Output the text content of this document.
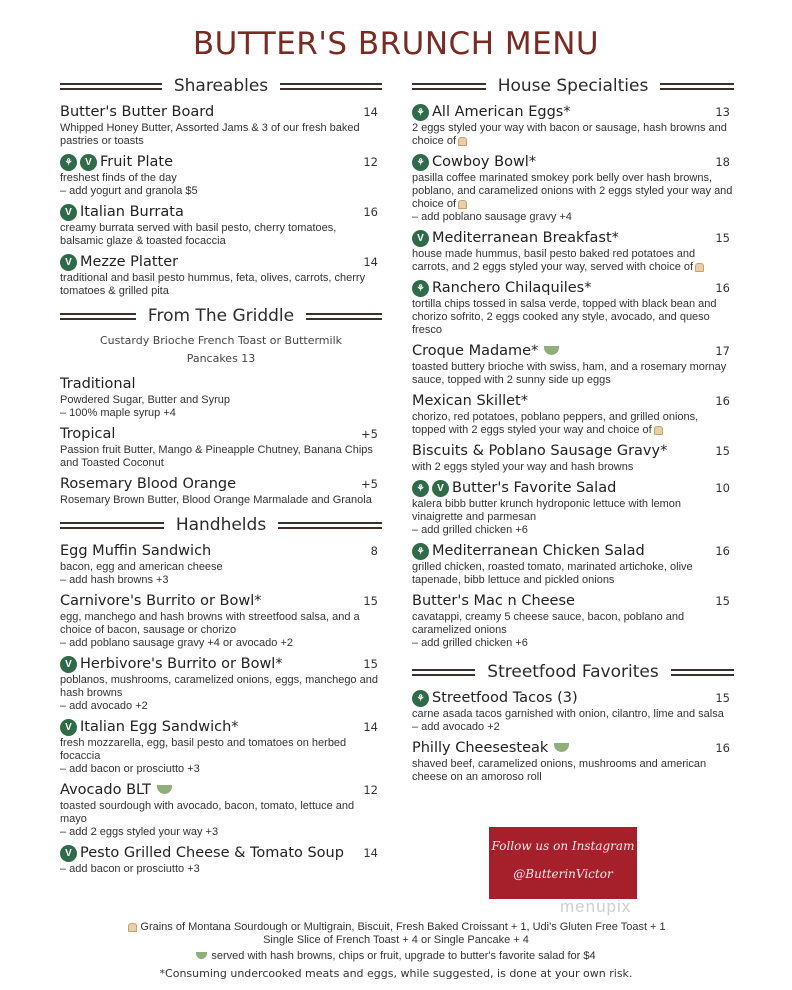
BUTTER'S BRUNCH MENU
Shareables
Butter's Butter Board	14
Whipped Honey Butter, Assorted Jams & 3 of our fresh baked pastries or toasts
⚘	V Fruit Plate	12
freshest finds of the day
– add yogurt and granola $5
V Italian Burrata	16
creamy burrata served with basil pesto, cherry tomatoes, balsamic glaze & toasted focaccia
V Mezze Platter	14
traditional and basil pesto hummus, feta, olives, carrots, cherry tomatoes & grilled pita
From The Griddle
Custardy Brioche French Toast or Buttermilk
Pancakes 13
Traditional
Powdered Sugar, Butter and Syrup
– 100% maple syrup +4
Tropical	+5
Passion fruit Butter, Mango & Pineapple Chutney, Banana Chips and Toasted Coconut
Rosemary Blood Orange	+5
Rosemary Brown Butter, Blood Orange Marmalade and Granola
Handhelds
Egg Muffin Sandwich	8
bacon, egg and american cheese
– add hash browns +3
Carnivore's Burrito or Bowl*	15
egg, manchego and hash browns with streetfood salsa, and a choice of bacon, sausage or chorizo
– add poblano sausage gravy +4 or avocado +2
V Herbivore's Burrito or Bowl*	15
poblanos, mushrooms, caramelized onions, eggs, manchego and hash browns
– add avocado +2
V Italian Egg Sandwich*	14
fresh mozzarella, egg, basil pesto and tomatoes on herbed focaccia
– add bacon or prosciutto +3
Avocado BLT	12
toasted sourdough with avocado, bacon, tomato, lettuce and mayo
– add 2 eggs styled your way +3
V Pesto Grilled Cheese & Tomato Soup	14
– add bacon or prosciutto +3
House Specialties
⚘ All American Eggs*	13
2 eggs styled your way with bacon or sausage, hash browns and choice of
⚘ Cowboy Bowl*	18
pasilla coffee marinated smokey pork belly over hash browns, poblano, and caramelized onions with 2 eggs styled your way and choice of
– add poblano sausage gravy +4
V Mediterranean Breakfast*	15
house made hummus, basil pesto baked red potatoes and carrots, and 2 eggs styled your way, served with choice of
⚘ Ranchero Chilaquiles*	16
tortilla chips tossed in salsa verde, topped with black bean and chorizo sofrito, 2 eggs cooked any style, avocado, and queso fresco
Croque Madame*	17
toasted buttery brioche with swiss, ham, and a rosemary mornay sauce, topped with 2 sunny side up eggs
Mexican Skillet*	16
chorizo, red potatoes, poblano peppers, and grilled onions, topped with 2 eggs styled your way and choice of
Biscuits & Poblano Sausage Gravy*	15
with 2 eggs styled your way and hash browns
⚘	V Butter's Favorite Salad	10
kalera bibb butter krunch hydroponic lettuce with lemon vinaigrette and parmesan
– add grilled chicken +6
⚘ Mediterranean Chicken Salad	16
grilled chicken, roasted tomato, marinated artichoke, olive tapenade, bibb lettuce and pickled onions
Butter's Mac n Cheese	15
cavatappi, creamy 5 cheese sauce, bacon, poblano and caramelized onions
– add grilled chicken +6
Streetfood Favorites
⚘ Streetfood Tacos (3)	15
carne asada tacos garnished with onion, cilantro, lime and salsa
– add avocado +2
Philly Cheesesteak	16
shaved beef, caramelized onions, mushrooms and american cheese on an amoroso roll
Follow us on Instagram
@ButterinVictor
menupix
Grains of Montana Sourdough or Multigrain, Biscuit, Fresh Baked Croissant + 1, Udi's Gluten Free Toast + 1
Single Slice of French Toast + 4 or Single Pancake + 4
served with hash browns, chips or fruit, upgrade to butter's favorite salad for $4
*Consuming undercooked meats and eggs, while suggested, is done at your own risk.
